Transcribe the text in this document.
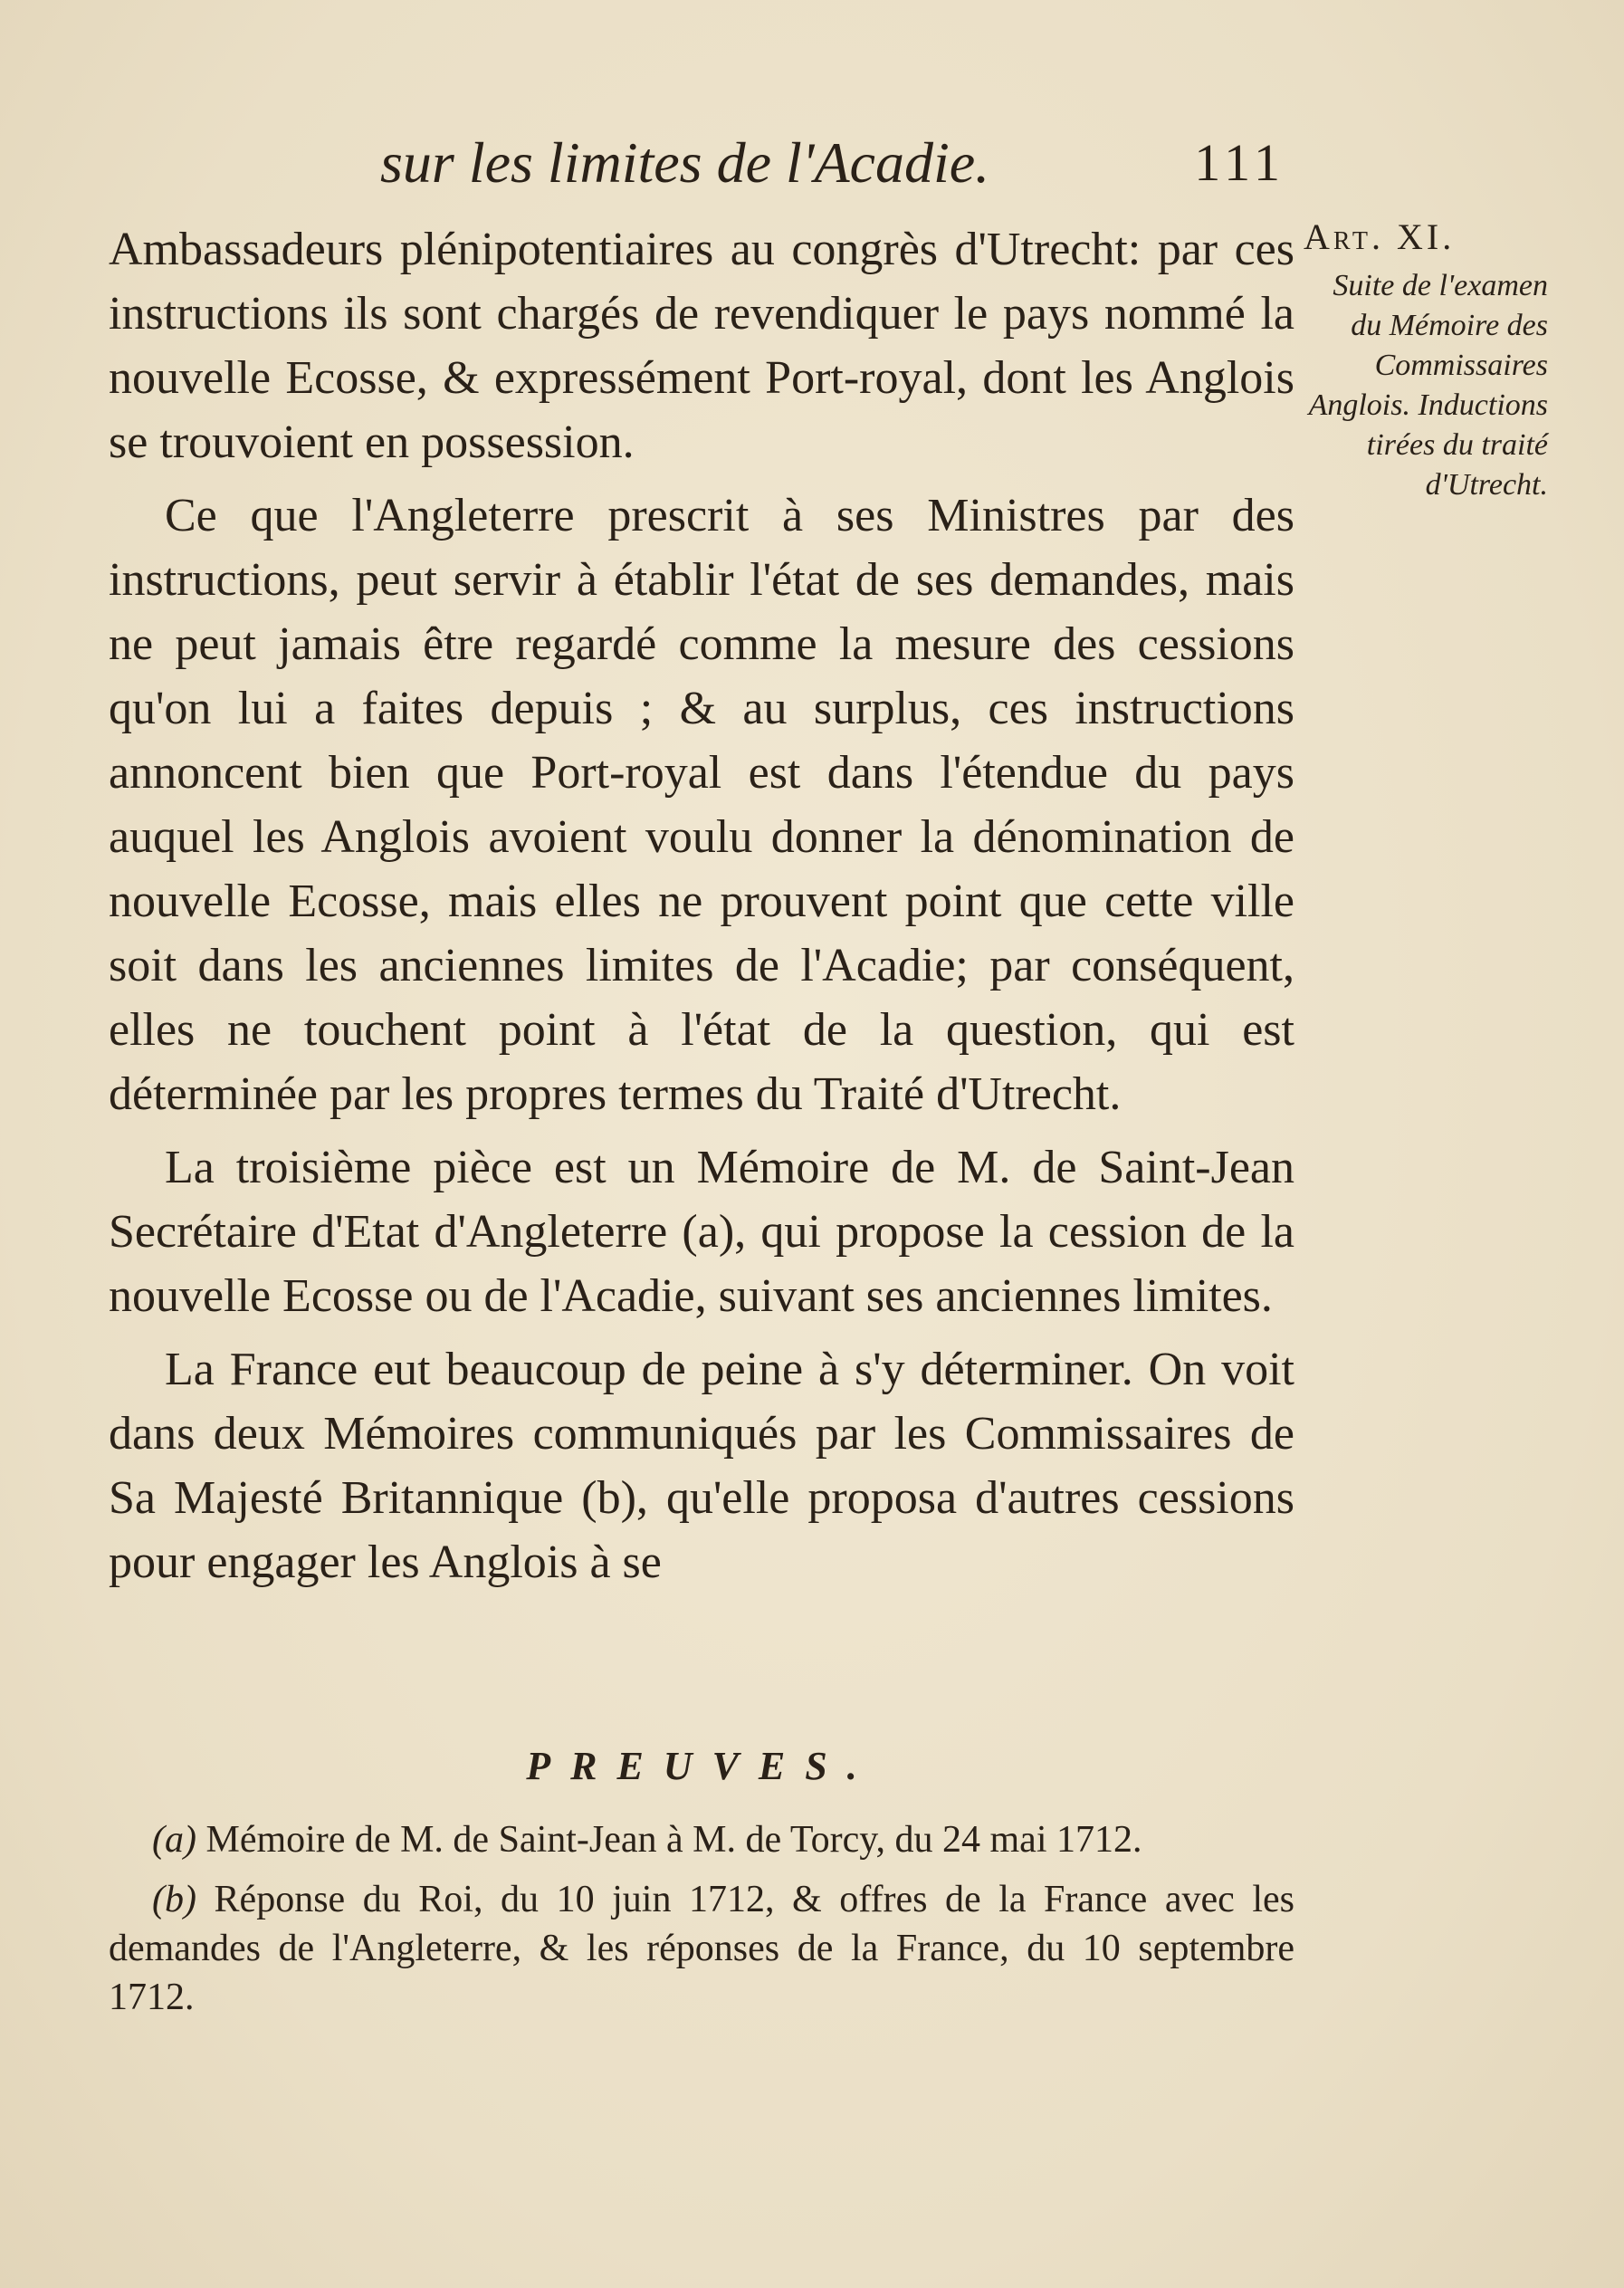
sur les limites de l'Acadie.	111

Ambassadeurs plénipotentiaires au congrès d'Utrecht: par ces instructions ils sont chargés de revendiquer le pays nommé la nouvelle Ecosse, & expressément Port-royal, dont les Anglois se trouvoient en possession.

Ce que l'Angleterre prescrit à ses Ministres par des instructions, peut servir à établir l'état de ses demandes, mais ne peut jamais être regardé comme la mesure des cessions qu'on lui a faites depuis ; & au surplus, ces instructions annoncent bien que Port-royal est dans l'étendue du pays auquel les Anglois avoient voulu donner la dénomination de nouvelle Ecosse, mais elles ne prouvent point que cette ville soit dans les anciennes limites de l'Acadie; par conséquent, elles ne touchent point à l'état de la question, qui est déterminée par les propres termes du Traité d'Utrecht.

La troisième pièce est un Mémoire de M. de Saint-Jean Secrétaire d'Etat d'Angleterre (a), qui propose la cession de la nouvelle Ecosse ou de l'Acadie, suivant ses anciennes limites.

La France eut beaucoup de peine à s'y déterminer. On voit dans deux Mémoires communiqués par les Commissaires de Sa Majesté Britannique (b), qu'elle proposa d'autres cessions pour engager les Anglois à se

Art. XI.
Suite de l'examen du Mémoire des Commissaires Anglois. Inductions tirées du traité d'Utrecht.
PREUVES.

(a) Mémoire de M. de Saint-Jean à M. de Torcy, du 24 mai 1712.

(b) Réponse du Roi, du 10 juin 1712, & offres de la France avec les demandes de l'Angleterre, & les réponses de la France, du 10 septembre 1712.
